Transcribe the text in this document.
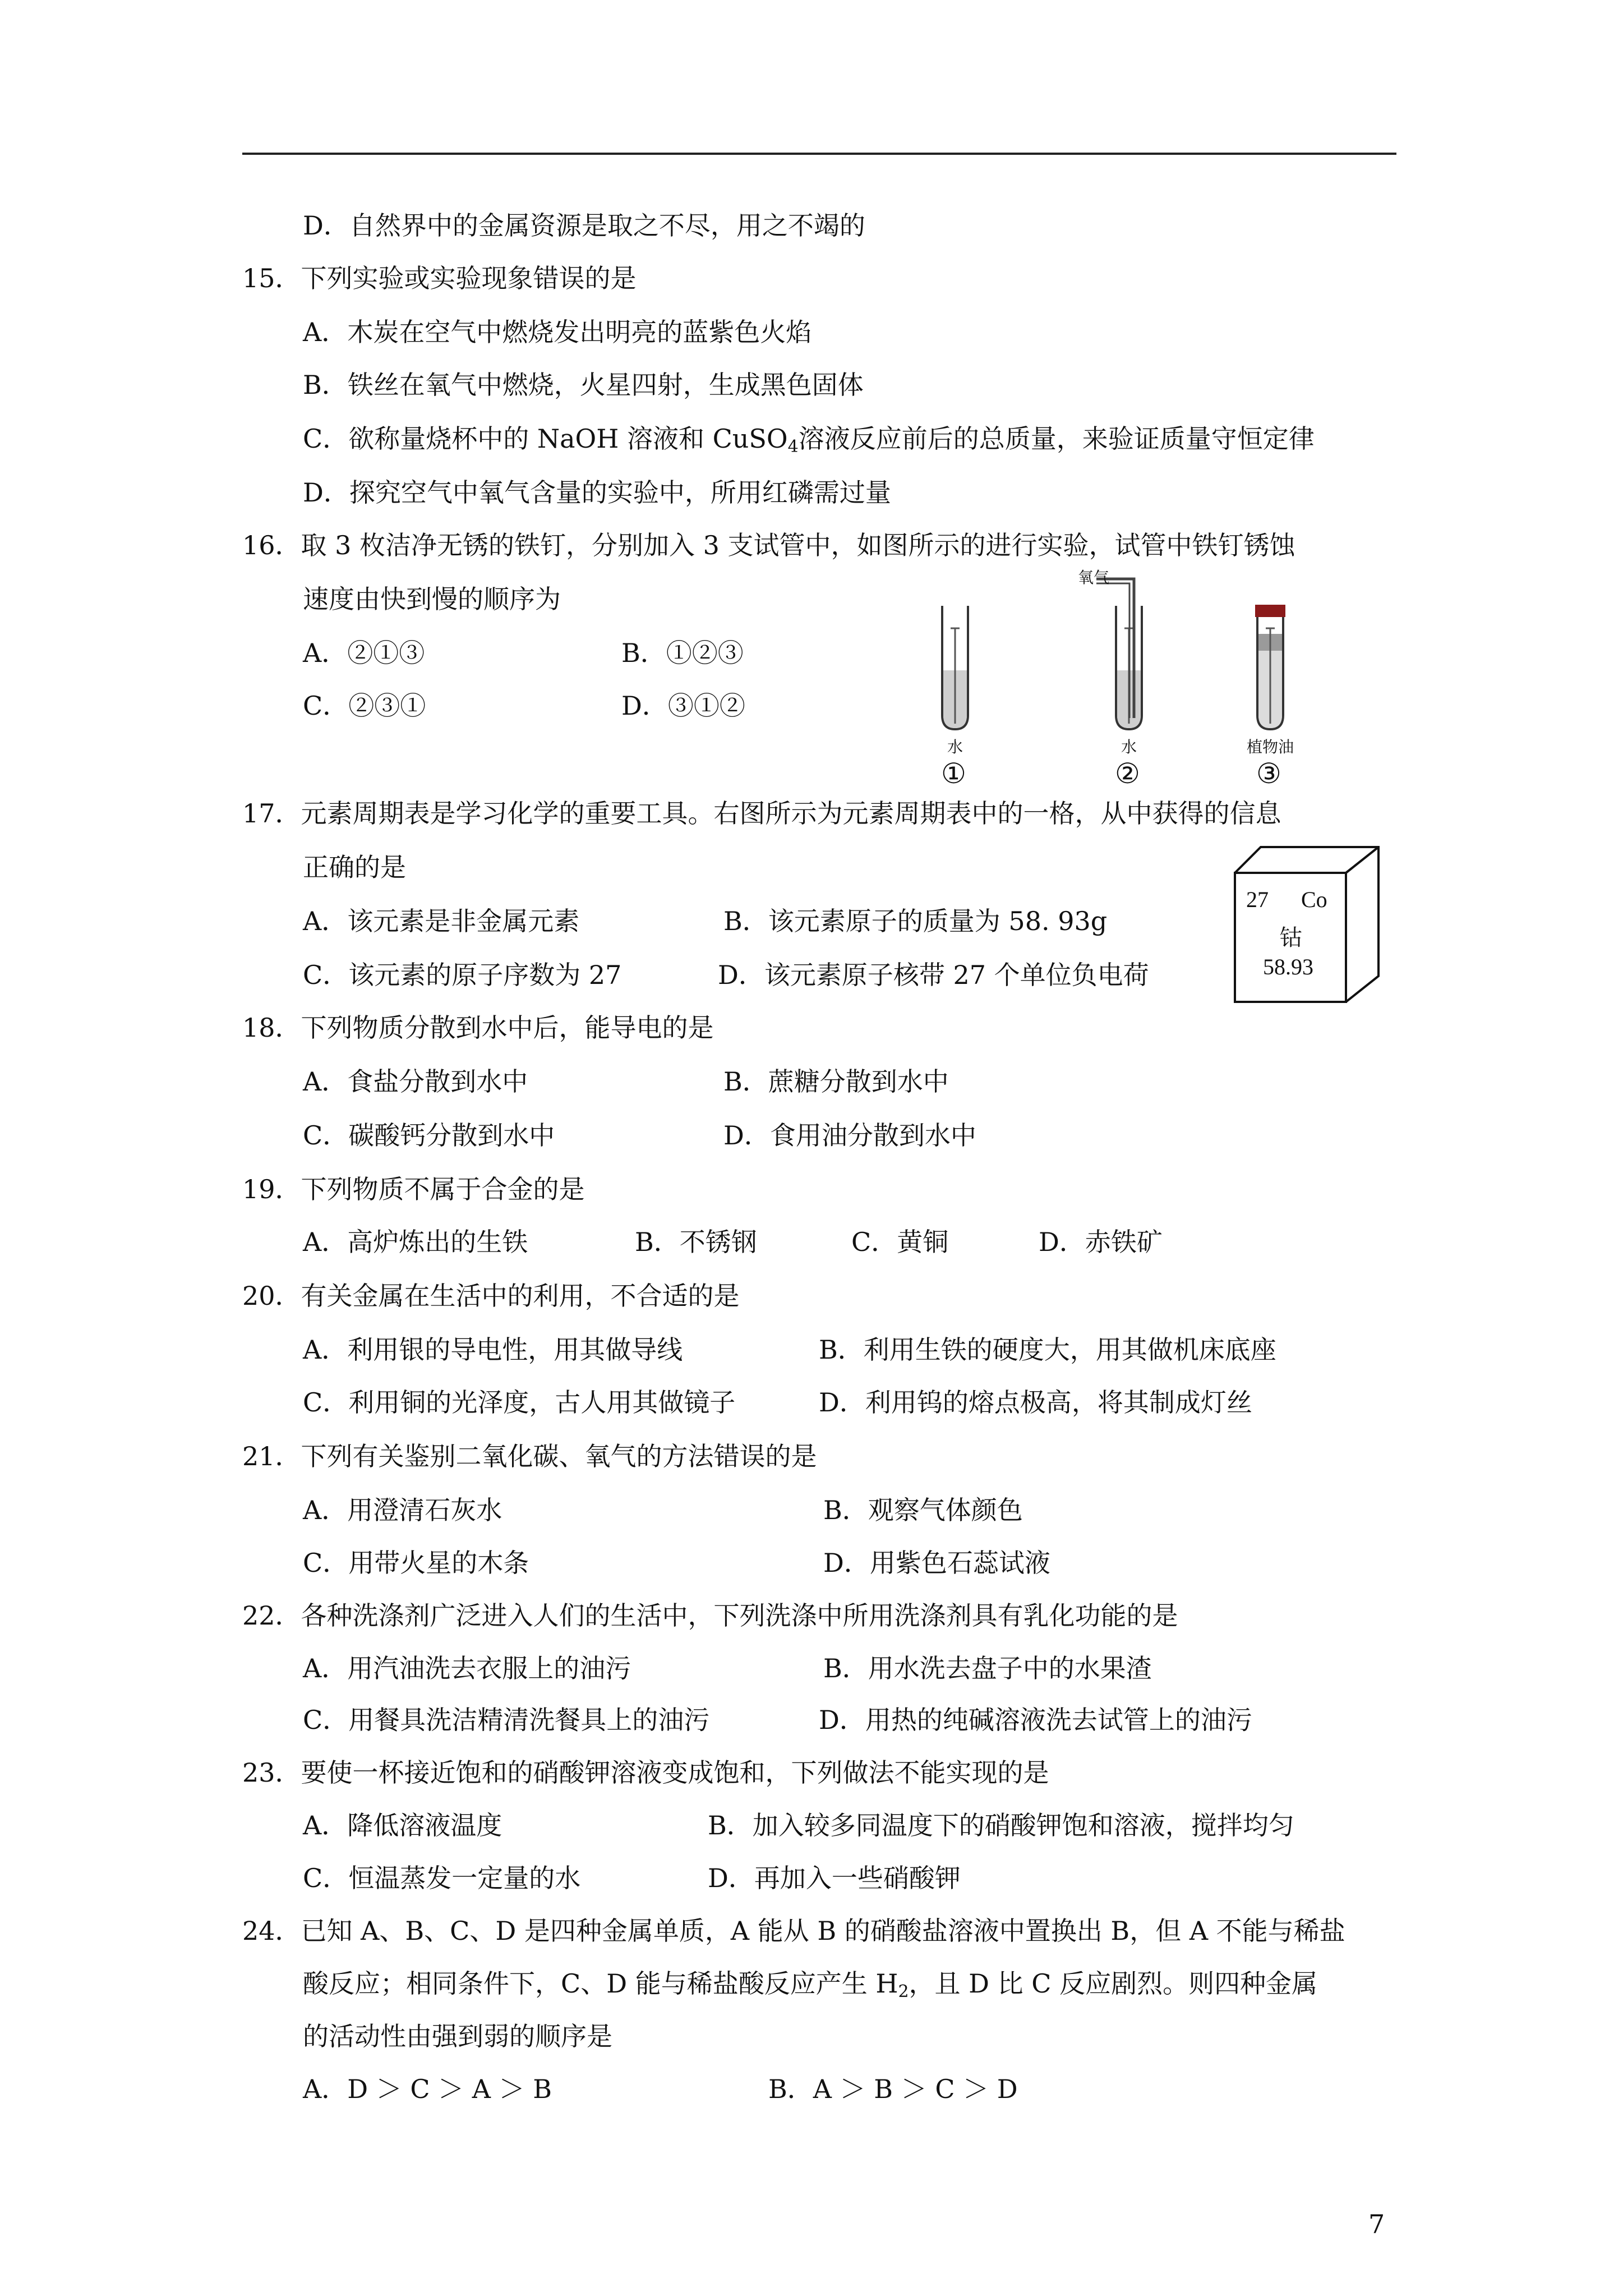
D．自然界中的金属资源是取之不尽，用之不竭的
15．下列实验或实验现象错误的是
A．木炭在空气中燃烧发出明亮的蓝紫色火焰
B．铁丝在氧气中燃烧，火星四射，生成黑色固体
C．欲称量烧杯中的 NaOH 溶液和 CuSO$_4$溶液反应前后的总质量，来验证质量守恒定律
D．探究空气中氧气含量的实验中，所用红磷需过量
16．取 3 枚洁净无锈的铁钉，分别加入 3 支试管中，如图所示的进行实验，试管中铁钉锈蚀
速度由快到慢的顺序为
A．②①③	B．①②③
C．②③①	D．③①②
氧气
水	水	植物油
①	②	③
17．元素周期表是学习化学的重要工具。右图所示为元素周期表中的一格，从中获得的信息
正确的是
A．该元素是非金属元素	B．该元素原子的质量为 58. 93g
C．该元素的原子序数为 27	D．该元素原子核带 27 个单位负电荷
27 Co
钴
58.93
18．下列物质分散到水中后，能导电的是
A．食盐分散到水中	B．蔗糖分散到水中
C．碳酸钙分散到水中	D．食用油分散到水中
19．下列物质不属于合金的是
A．高炉炼出的生铁	B．不锈钢	C．黄铜	D．赤铁矿
20．有关金属在生活中的利用，不合适的是
A．利用银的导电性，用其做导线	B．利用生铁的硬度大，用其做机床底座
C．利用铜的光泽度，古人用其做镜子	D．利用钨的熔点极高，将其制成灯丝
21．下列有关鉴别二氧化碳、氧气的方法错误的是
A．用澄清石灰水	B．观察气体颜色
C．用带火星的木条	D．用紫色石蕊试液
22．各种洗涤剂广泛进入人们的生活中，下列洗涤中所用洗涤剂具有乳化功能的是
A．用汽油洗去衣服上的油污	B．用水洗去盘子中的水果渣
C．用餐具洗洁精清洗餐具上的油污	D．用热的纯碱溶液洗去试管上的油污
23．要使一杯接近饱和的硝酸钾溶液变成饱和，下列做法不能实现的是
A．降低溶液温度	B．加入较多同温度下的硝酸钾饱和溶液，搅拌均匀
C．恒温蒸发一定量的水	D．再加入一些硝酸钾
24．已知 A、B、C、D 是四种金属单质，A 能从 B 的硝酸盐溶液中置换出 B，但 A 不能与稀盐
酸反应；相同条件下，C、D 能与稀盐酸反应产生 $H_2$，且 D 比 C 反应剧烈。则四种金属
的活动性由强到弱的顺序是
A．D ＞ C ＞ A ＞ B	B．A ＞ B ＞ C ＞ D
7
